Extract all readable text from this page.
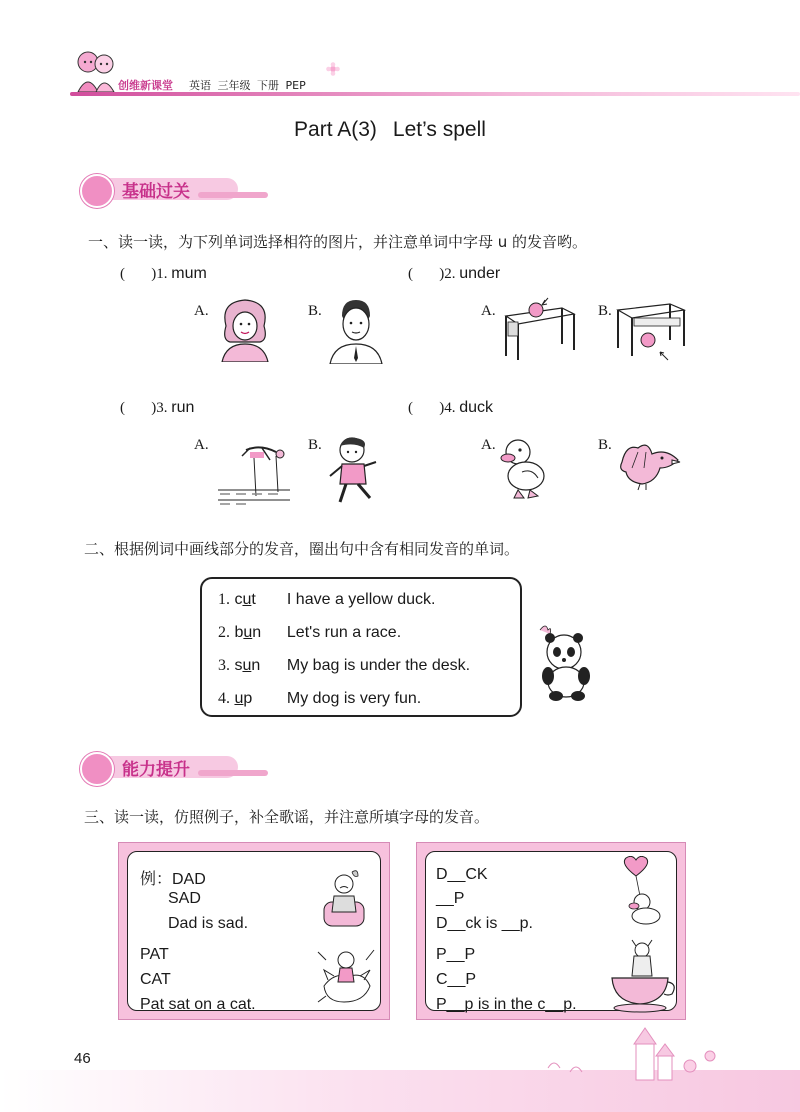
创维新课堂 英语 三年级 下册 PEP
Part A(3) Let’s spell
基础过关
一、读一读，为下列单词选择相符的图片，并注意单词中字母 u 的发音哟。
(       )1. mum	(       )2. under
(       )3. run	(       )4. duck
A.	B.	A.	B.
A.	B.	A.	B.
二、根据例词中画线部分的发音，圈出句中含有相同发音的单词。
1. cut I have a yellow duck.
2. bun Let's run a race.
3. sun My bag is under the desk.
4. up My dog is very fun.
能力提升
三、读一读，仿照例子，补全歌谣，并注意所填字母的发音。
例：DAD
SAD
Dad is sad.
PAT
CAT
Pat sat on a cat.
D__CK
__P
D__ck is __p.
P__P
C__P
P__p is in the c__p.
46
